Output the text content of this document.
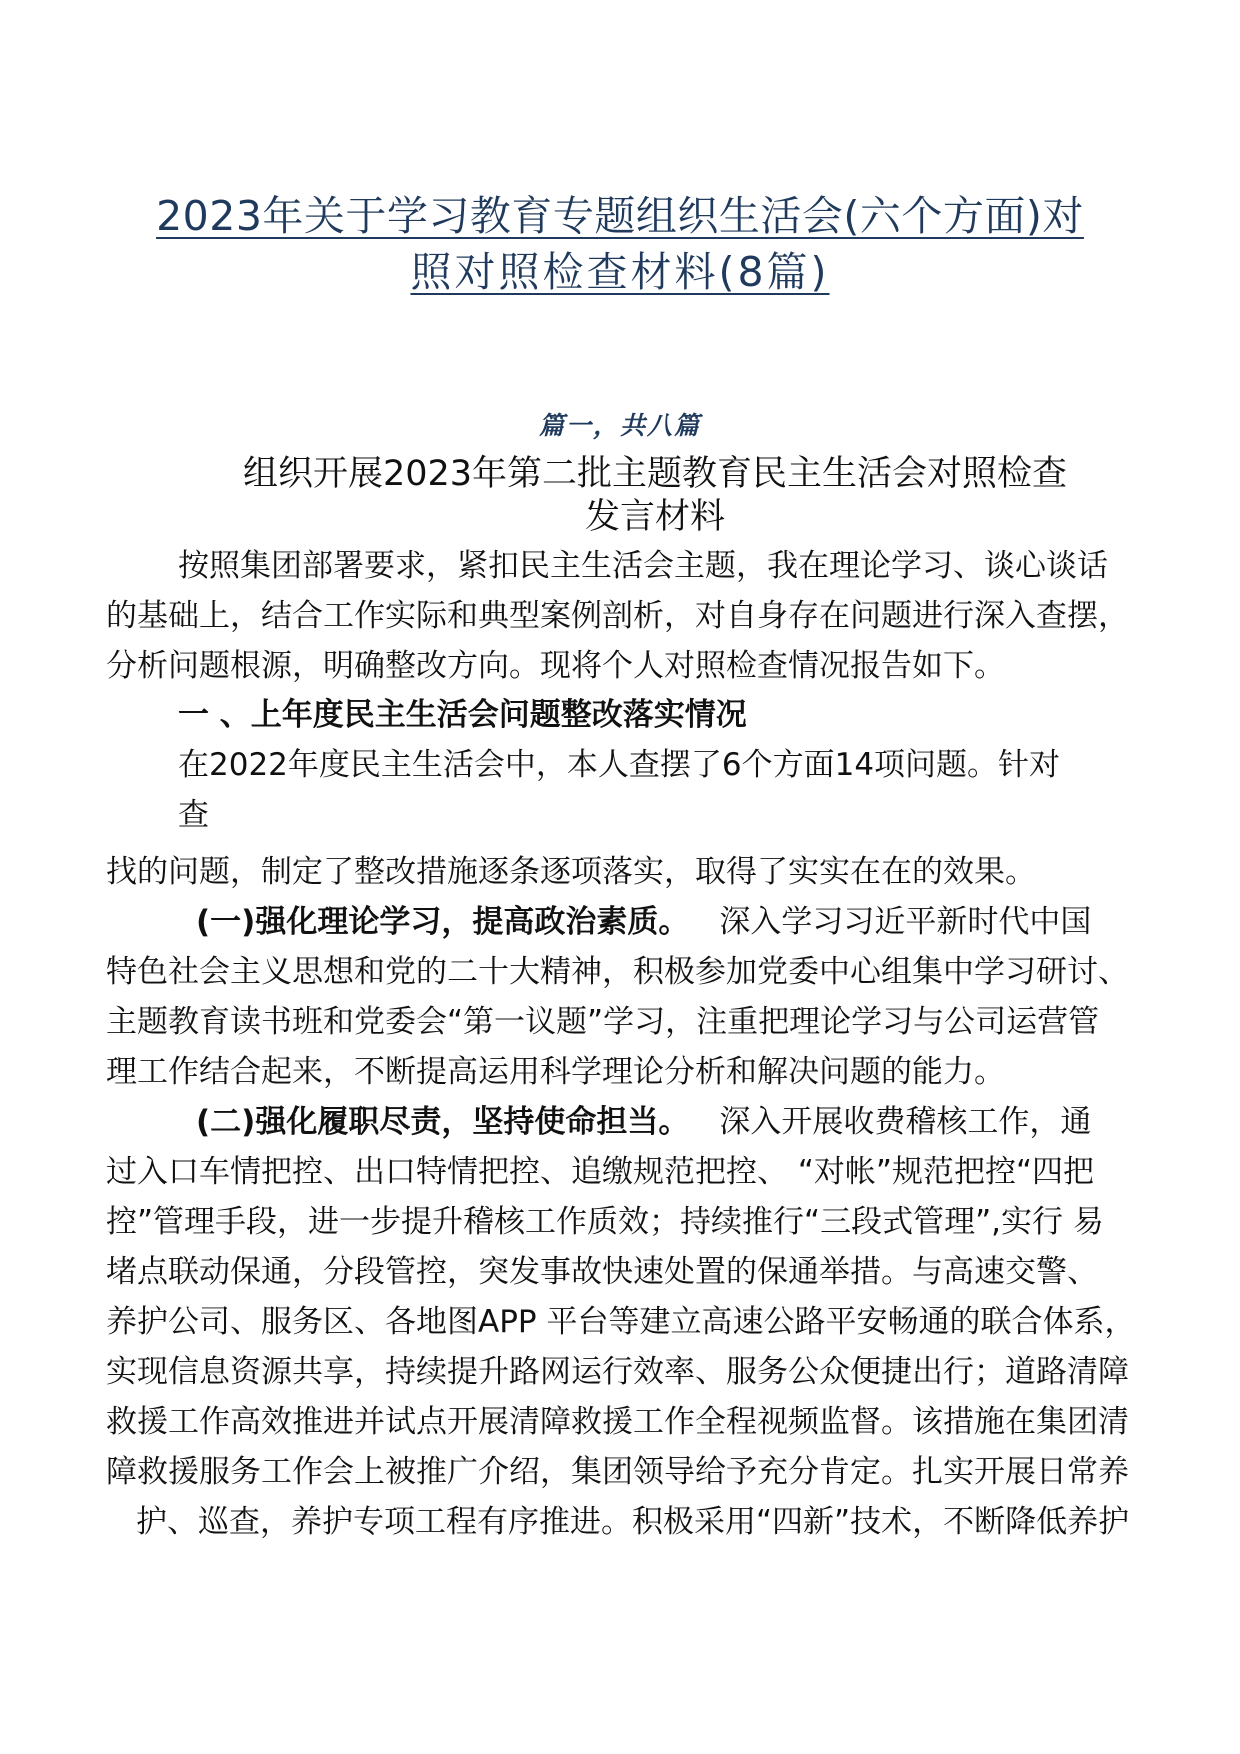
2023年关于学习教育专题组织生活会(六个方面)对
照对照检查材料(8篇)
篇一，共八篇
组织开展2023年第二批主题教育民主生活会对照检查
发言材料
按照集团部署要求，紧扣民主生活会主题，我在理论学习、谈心谈话
的基础上，结合工作实际和典型案例剖析，对自身存在问题进行深入查摆，
分析问题根源，明确整改方向。现将个人对照检查情况报告如下。
一 、上年度民主生活会问题整改落实情况
在2022年度民主生活会中，本人查摆了6个方面14项问题。针对
查
找的问题，制定了整改措施逐条逐项落实，取得了实实在在的效果。
(一)强化理论学习，提高政治素质。 深入学习习近平新时代中国
特色社会主义思想和党的二十大精神，积极参加党委中心组集中学习研讨、
主题教育读书班和党委会“第一议题”学习，注重把理论学习与公司运营管
理工作结合起来，不断提高运用科学理论分析和解决问题的能力。
(二)强化履职尽责，坚持使命担当。 深入开展收费稽核工作，通
过入口车情把控、出口特情把控、追缴规范把控、 “对帐”规范把控“四把
控”管理手段，进一步提升稽核工作质效；持续推行“三段式管理”,实行 易
堵点联动保通，分段管控，突发事故快速处置的保通举措。与高速交警、
养护公司、服务区、各地图APP 平台等建立高速公路平安畅通的联合体系，
实现信息资源共享，持续提升路网运行效率、服务公众便捷出行；道路清障
救援工作高效推进并试点开展清障救援工作全程视频监督。该措施在集团清
障救援服务工作会上被推广介绍，集团领导给予充分肯定。扎实开展日常养
护、巡查，养护专项工程有序推进。积极采用“四新”技术，不断降低养护
